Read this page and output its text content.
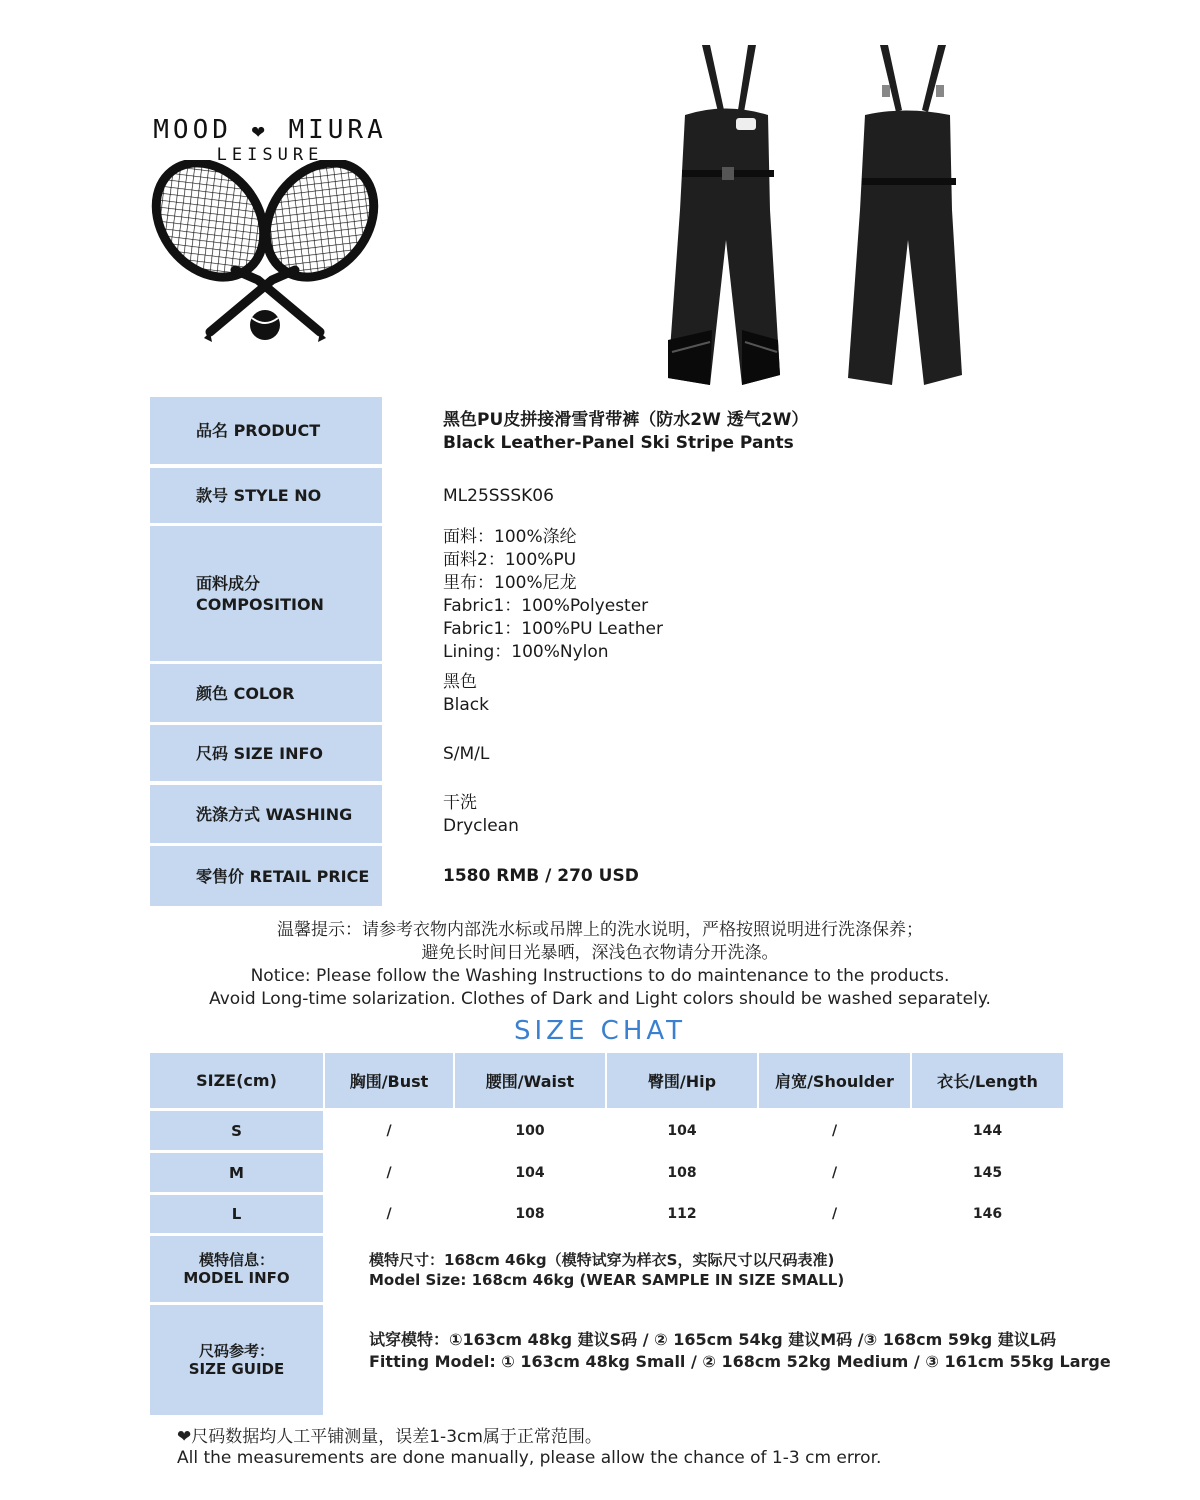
MOOD ❤ MIURA
LEISURE
品名 PRODUCT
黑色PU皮拼接滑雪背带裤（防水2W 透气2W）
Black Leather-Panel Ski Stripe Pants
款号 STYLE NO	ML25SSSK06
面料成分
COMPOSITION
面料：100%涤纶
面料2：100%PU
里布：100%尼龙
Fabric1：100%Polyester
Fabric1：100%PU Leather
Lining：100%Nylon
颜色 COLOR
黑色
Black
尺码 SIZE INFO	S/M/L
洗涤方式 WASHING
干洗
Dryclean
零售价 RETAIL PRICE	1580 RMB / 270 USD
温馨提示：请参考衣物内部洗水标或吊牌上的洗水说明，严格按照说明进行洗涤保养；
避免长时间日光暴晒，深浅色衣物请分开洗涤。
Notice: Please follow the Washing Instructions to do maintenance to the products.
Avoid Long-time solarization. Clothes of Dark and Light colors should be washed separately.
SIZE CHAT
SIZE(cm)	胸围/Bust	腰围/Waist	臀围/Hip	肩宽/Shoulder	衣长/Length
S	/	100	104	/	144
M	/	104	108	/	145
L	/	108	112	/	146
模特信息：
MODEL INFO
模特尺寸：168cm 46kg（模特试穿为样衣S，实际尺寸以尺码表准)
Model Size: 168cm 46kg (WEAR SAMPLE IN SIZE SMALL)
尺码参考：
SIZE GUIDE
试穿模特：①163cm 48kg 建议S码 / ② 165cm 54kg 建议M码 /③ 168cm 59kg 建议L码
Fitting Model: ① 163cm 48kg Small / ② 168cm 52kg Medium / ③ 161cm 55kg Large
❤尺码数据均人工平铺测量，误差1-3cm属于正常范围。
All the measurements are done manually, please allow the chance of 1-3 cm error.
